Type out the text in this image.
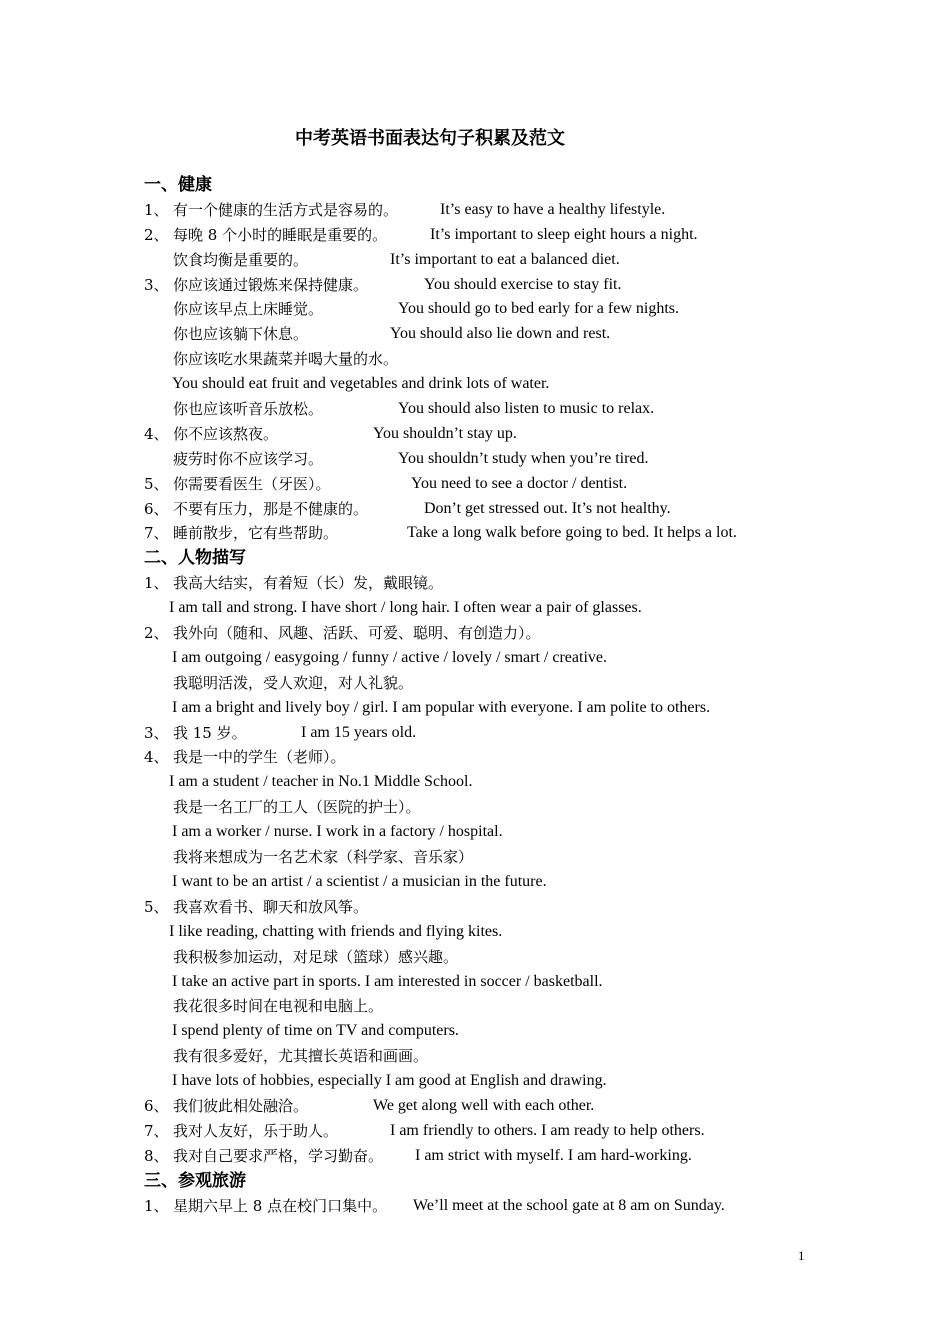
中考英语书面表达句子积累及范文
一、健康
1、 有一个健康的生活方式是容易的。	It’s easy to have a healthy lifestyle.
2、 每晚 8 个小时的睡眠是重要的。	It’s important to sleep eight hours a night.
饮食均衡是重要的。	It’s important to eat a balanced diet.
3、 你应该通过锻炼来保持健康。	You should exercise to stay fit.
你应该早点上床睡觉。	You should go to bed early for a few nights.
你也应该躺下休息。	You should also lie down and rest.
你应该吃水果蔬菜并喝大量的水。
You should eat fruit and vegetables and drink lots of water.
你也应该听音乐放松。	You should also listen to music to relax.
4、 你不应该熬夜。	You shouldn’t stay up.
疲劳时你不应该学习。	You shouldn’t study when you’re tired.
5、 你需要看医生（牙医）。	You need to see a doctor / dentist.
6、 不要有压力，那是不健康的。	Don’t get stressed out. It’s not healthy.
7、 睡前散步，它有些帮助。	Take a long walk before going to bed. It helps a lot.
二、人物描写
1、 我高大结实，有着短（长）发，戴眼镜。
I am tall and strong. I have short / long hair. I often wear a pair of glasses.
2、 我外向（随和、风趣、活跃、可爱、聪明、有创造力）。
I am outgoing / easygoing / funny / active / lovely / smart / creative.
我聪明活泼，受人欢迎，对人礼貌。
I am a bright and lively boy / girl. I am popular with everyone. I am polite to others.
3、 我 15 岁。	I am 15 years old.
4、 我是一中的学生（老师）。
I am a student / teacher in No.1 Middle School.
我是一名工厂的工人（医院的护士）。
I am a worker / nurse. I work in a factory / hospital.
我将来想成为一名艺术家（科学家、音乐家）
I want to be an artist / a scientist / a musician in the future.
5、 我喜欢看书、聊天和放风筝。
I like reading, chatting with friends and flying kites.
我积极参加运动，对足球（篮球）感兴趣。
I take an active part in sports. I am interested in soccer / basketball.
我花很多时间在电视和电脑上。
I spend plenty of time on TV and computers.
我有很多爱好，尤其擅长英语和画画。
I have lots of hobbies, especially I am good at English and drawing.
6、 我们彼此相处融洽。	We get along well with each other.
7、 我对人友好，乐于助人。	I am friendly to others. I am ready to help others.
8、 我对自己要求严格，学习勤奋。 I am strict with myself. I am hard-working.
三、参观旅游
1、 星期六早上 8 点在校门口集中。 We’ll meet at the school gate at 8 am on Sunday.
1
